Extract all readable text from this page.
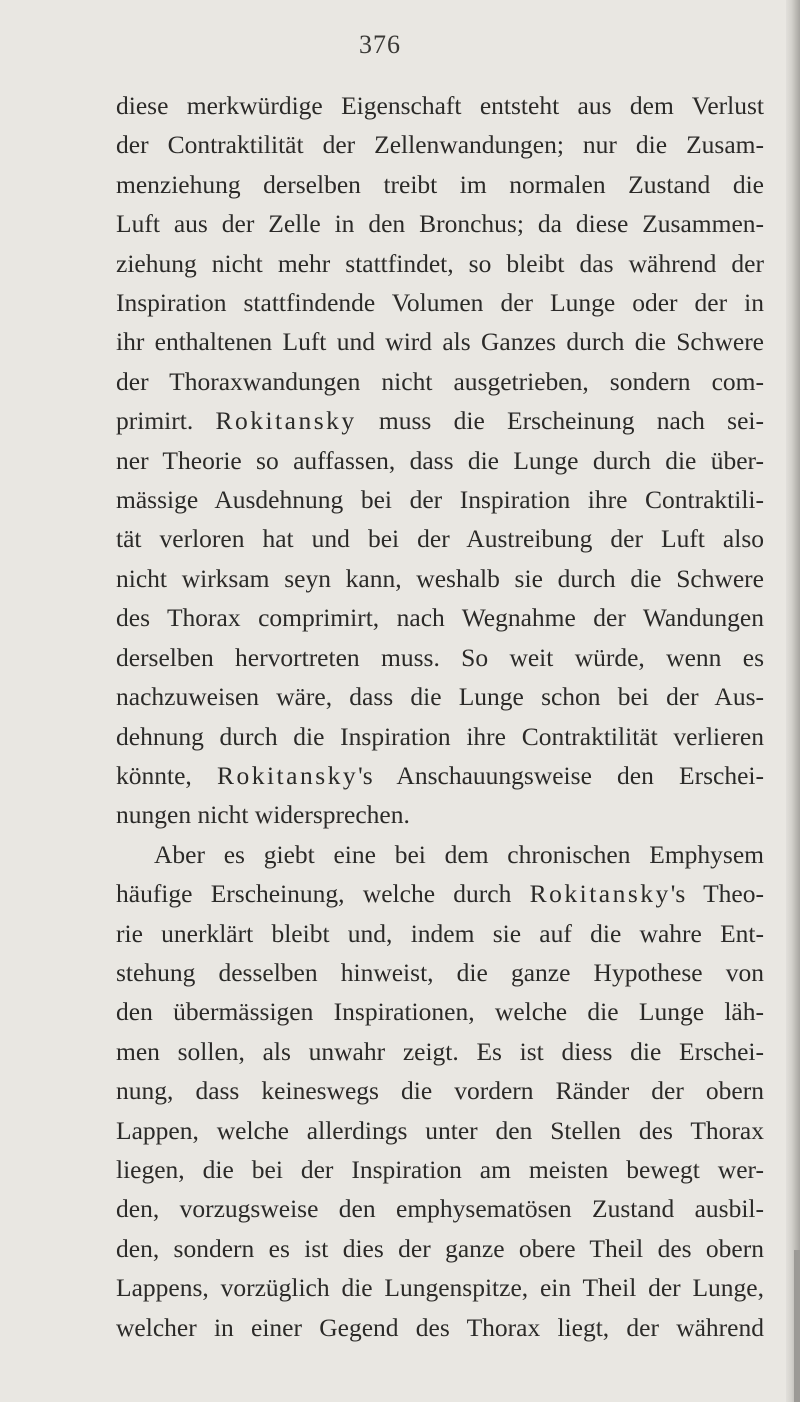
376
diese merkwürdige Eigenschaft entsteht aus dem Verlust
der Contraktilität der Zellenwandungen; nur die Zusam-
menziehung derselben treibt im normalen Zustand die
Luft aus der Zelle in den Bronchus; da diese Zusammen-
ziehung nicht mehr stattfindet, so bleibt das während der
Inspiration stattfindende Volumen der Lunge oder der in
ihr enthaltenen Luft und wird als Ganzes durch die Schwere
der Thoraxwandungen nicht ausgetrieben, sondern com-
primirt. Rokitansky muss die Erscheinung nach sei-
ner Theorie so auffassen, dass die Lunge durch die über-
mässige Ausdehnung bei der Inspiration ihre Contraktili-
tät verloren hat und bei der Austreibung der Luft also
nicht wirksam seyn kann, weshalb sie durch die Schwere
des Thorax comprimirt, nach Wegnahme der Wandungen
derselben hervortreten muss. So weit würde, wenn es
nachzuweisen wäre, dass die Lunge schon bei der Aus-
dehnung durch die Inspiration ihre Contraktilität verlieren
könnte, Rokitansky's Anschauungsweise den Erschei-
nungen nicht widersprechen.
Aber es giebt eine bei dem chronischen Emphysem
häufige Erscheinung, welche durch Rokitansky's Theo-
rie unerklärt bleibt und, indem sie auf die wahre Ent-
stehung desselben hinweist, die ganze Hypothese von
den übermässigen Inspirationen, welche die Lunge läh-
men sollen, als unwahr zeigt. Es ist diess die Erschei-
nung, dass keineswegs die vordern Ränder der obern
Lappen, welche allerdings unter den Stellen des Thorax
liegen, die bei der Inspiration am meisten bewegt wer-
den, vorzugsweise den emphysematösen Zustand ausbil-
den, sondern es ist dies der ganze obere Theil des obern
Lappens, vorzüglich die Lungenspitze, ein Theil der Lunge,
welcher in einer Gegend des Thorax liegt, der während
